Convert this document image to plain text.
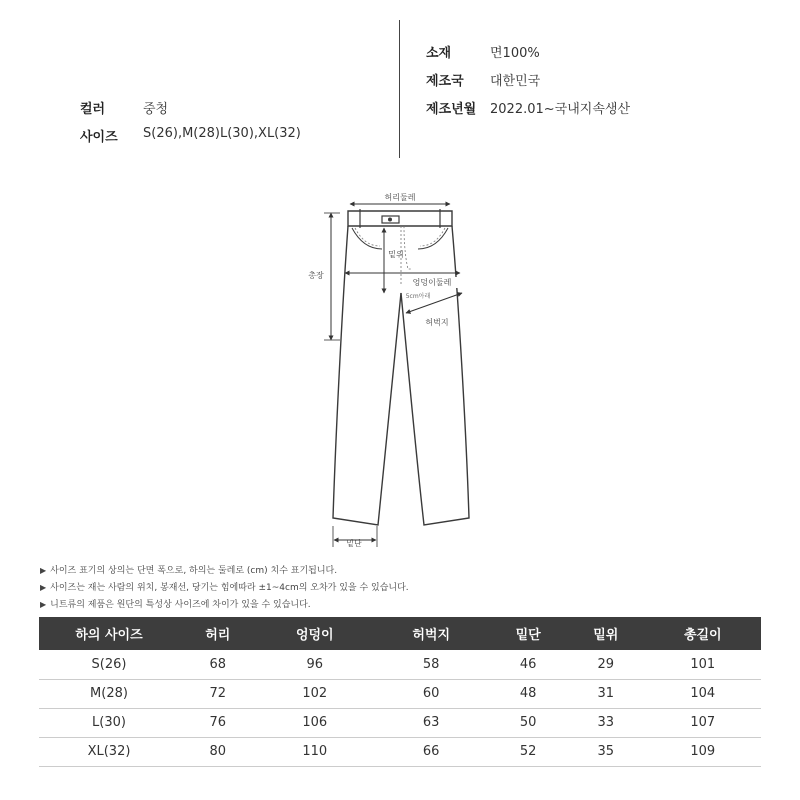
컬러	중청
사이즈 S(26),M(28)L(30),XL(32)
소재	면100%
제조국 대한민국
제조년월 2022.01~국내지속생산
허리둘레
총장
밑위
엉덩이둘레
5cm아래
허벅지
밑단
▶ 사이즈 표기의 상의는 단면 폭으로, 하의는 둘레로 (cm) 치수 표기됩니다.
▶ 사이즈는 재는 사람의 위치, 봉재선, 당기는 힘에따라 ±1~4cm의 오차가 있을 수 있습니다.
▶ 니트류의 제품은 원단의 특성상 사이즈에 차이가 있을 수 있습니다.
하의 사이즈	허리	엉덩이	허벅지	밑단	밑위	총길이
S(26)	68	96	58	46	29	101
M(28)	72	102	60	48	31	104
L(30)	76	106	63	50	33	107
XL(32)	80	110	66	52	35	109
